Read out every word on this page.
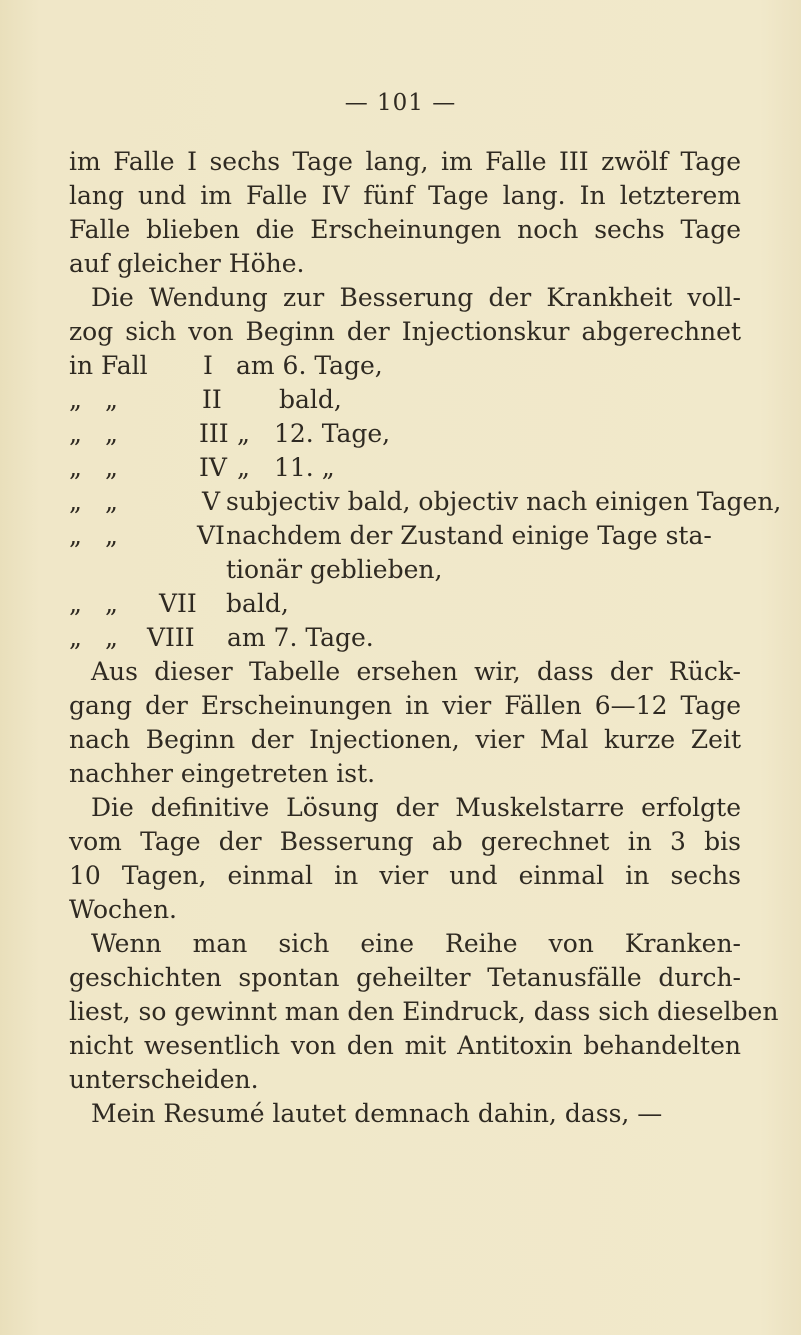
— 101 —
im Falle I sechs Tage lang, im Falle III zwölf Tage
lang und im Falle IV fünf Tage lang. In letzterem
Falle blieben die Erscheinungen noch sechs Tage
auf gleicher Höhe.
Die Wendung zur Besserung der Krankheit voll-
zog sich von Beginn der Injectionskur abgerechnet
in Fall I am 6. Tage,
„ „	II bald,
„ „	III „ 12. Tage,
„ „	IV „ 11. „
„ „	V subjectiv bald, objectiv nach einigen Tagen,
„ „	VI nachdem der Zustand einige Tage sta-
tionär geblieben,
„ „ VII bald,
„ „ VIII am 7. Tage.
Aus dieser Tabelle ersehen wir, dass der Rück-
gang der Erscheinungen in vier Fällen 6—12 Tage
nach Beginn der Injectionen, vier Mal kurze Zeit
nachher eingetreten ist.
Die definitive Lösung der Muskelstarre erfolgte
vom Tage der Besserung ab gerechnet in 3 bis
10 Tagen, einmal in vier und einmal in sechs
Wochen.
Wenn man sich eine Reihe von Kranken-
geschichten spontan geheilter Tetanusfälle durch-
liest, so gewinnt man den Eindruck, dass sich dieselben
nicht wesentlich von den mit Antitoxin behandelten
unterscheiden.
Mein Resumé lautet demnach dahin, dass, —
